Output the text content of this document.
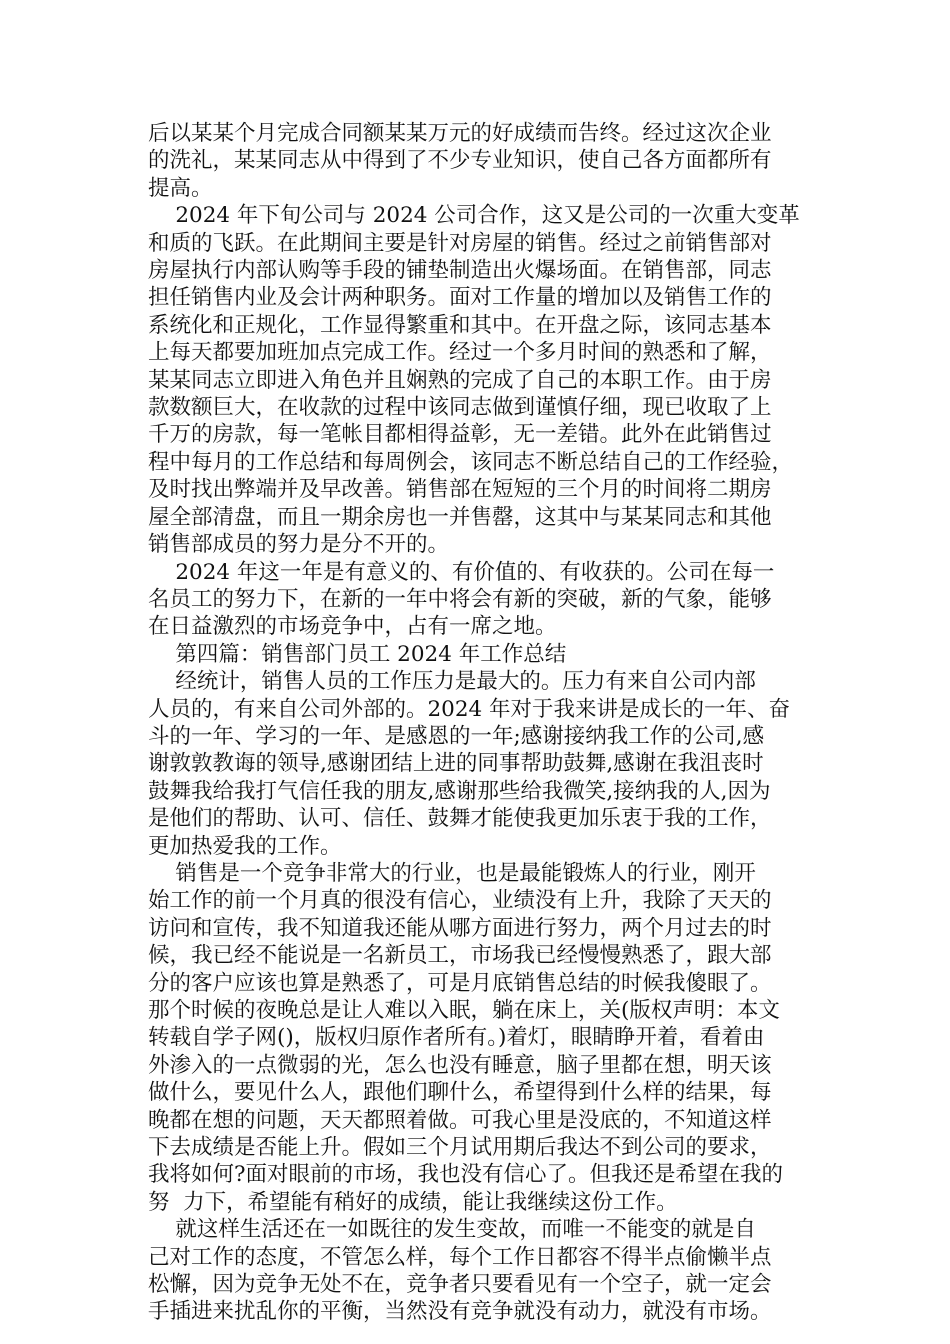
后以某某个月完成合同额某某万元的好成绩而告终。经过这次企业
的洗礼，某某同志从中得到了不少专业知识，使自己各方面都所有
提高。
2024 年下旬公司与 2024 公司合作，这又是公司的一次重大变革
和质的飞跃。在此期间主要是针对房屋的销售。经过之前销售部对
房屋执行内部认购等手段的铺垫制造出火爆场面。在销售部，同志
担任销售内业及会计两种职务。面对工作量的增加以及销售工作的
系统化和正规化，工作显得繁重和其中。在开盘之际，该同志基本
上每天都要加班加点完成工作。经过一个多月时间的熟悉和了解，
某某同志立即进入角色并且娴熟的完成了自己的本职工作。由于房
款数额巨大，在收款的过程中该同志做到谨慎仔细，现已收取了上
千万的房款，每一笔帐目都相得益彰，无一差错。此外在此销售过
程中每月的工作总结和每周例会，该同志不断总结自己的工作经验，
及时找出弊端并及早改善。销售部在短短的三个月的时间将二期房
屋全部清盘，而且一期余房也一并售罄，这其中与某某同志和其他
销售部成员的努力是分不开的。
2024 年这一年是有意义的、有价值的、有收获的。公司在每一
名员工的努力下，在新的一年中将会有新的突破，新的气象，能够
在日益激烈的市场竞争中，占有一席之地。
第四篇：销售部门员工 2024 年工作总结
经统计，销售人员的工作压力是最大的。压力有来自公司内部
人员的，有来自公司外部的。2024 年对于我来讲是成长的一年、奋
斗的一年、学习的一年、是感恩的一年;感谢接纳我工作的公司,感
谢敦敦教诲的领导,感谢团结上进的同事帮助鼓舞,感谢在我沮丧时
鼓舞我给我打气信任我的朋友,感谢那些给我微笑,接纳我的人,因为
是他们的帮助、认可、信任、鼓舞才能使我更加乐衷于我的工作，
更加热爱我的工作。
销售是一个竞争非常大的行业，也是最能锻炼人的行业，刚开
始工作的前一个月真的很没有信心，业绩没有上升，我除了天天的
访问和宣传，我不知道我还能从哪方面进行努力，两个月过去的时
候，我已经不能说是一名新员工，市场我已经慢慢熟悉了，跟大部
分的客户应该也算是熟悉了，可是月底销售总结的时候我傻眼了。
那个时候的夜晚总是让人难以入眠，躺在床上，关(版权声明：本文
转载自学子网()，版权归原作者所有。)着灯，眼睛睁开着，看着由
外渗入的一点微弱的光，怎么也没有睡意，脑子里都在想，明天该
做什么，要见什么人，跟他们聊什么，希望得到什么样的结果，每
晚都在想的问题，天天都照着做。可我心里是没底的，不知道这样
下去成绩是否能上升。假如三个月试用期后我达不到公司的要求，
我将如何?面对眼前的市场，我也没有信心了。但我还是希望在我的
努  力下，希望能有稍好的成绩，能让我继续这份工作。
就这样生活还在一如既往的发生变故，而唯一不能变的就是自
己对工作的态度，不管怎么样，每个工作日都容不得半点偷懒半点
松懈，因为竞争无处不在，竞争者只要看见有一个空子，就一定会
手插进来扰乱你的平衡，当然没有竞争就没有动力，就没有市场。
